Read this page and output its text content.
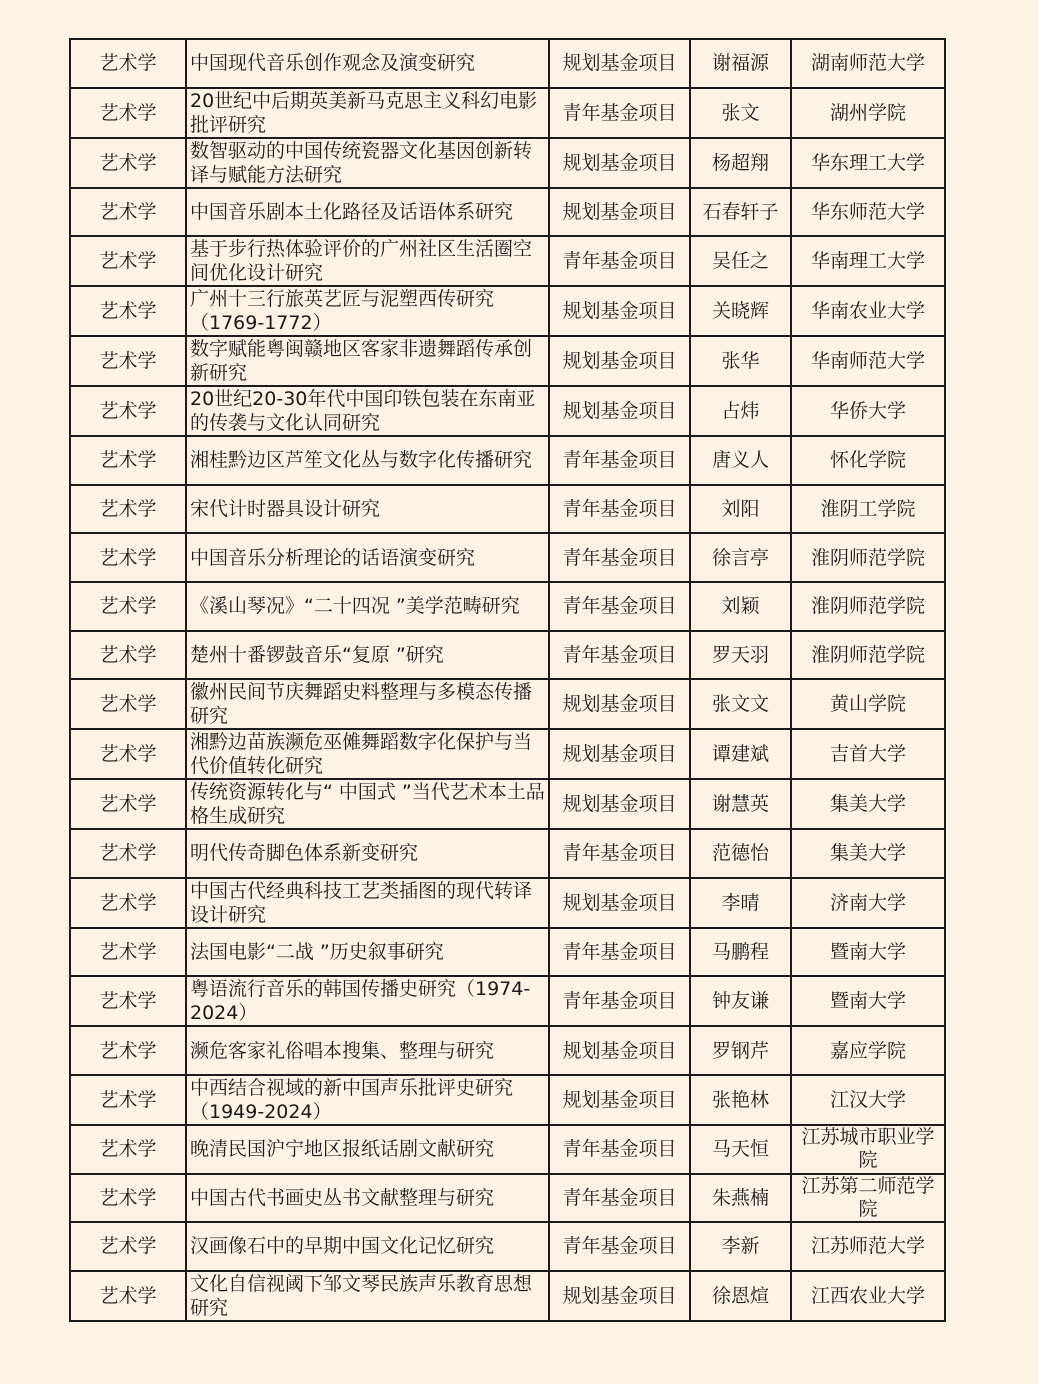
艺术学	中国现代音乐创作观念及演变研究	规划基金项目	谢福源	湖南师范大学
艺术学	20世纪中后期英美新马克思主义科幻电影批评研究	青年基金项目	张文	湖州学院
艺术学	数智驱动的中国传统瓷器文化基因创新转译与赋能方法研究	规划基金项目	杨超翔	华东理工大学
艺术学	中国音乐剧本土化路径及话语体系研究	规划基金项目	石春轩子	华东师范大学
艺术学	基于步行热体验评价的广州社区生活圈空间优化设计研究	青年基金项目	吴任之	华南理工大学
艺术学	广州十三行旅英艺匠与泥塑西传研究（1769-1772）	规划基金项目	关晓辉	华南农业大学
艺术学	数字赋能粤闽赣地区客家非遗舞蹈传承创新研究	规划基金项目	张华	华南师范大学
艺术学	20世纪20-30年代中国印铁包装在东南亚的传袭与文化认同研究	规划基金项目	占炜	华侨大学
艺术学	湘桂黔边区芦笙文化丛与数字化传播研究	青年基金项目	唐义人	怀化学院
艺术学	宋代计时器具设计研究	青年基金项目	刘阳	淮阴工学院
艺术学	中国音乐分析理论的话语演变研究	青年基金项目	徐言亭	淮阴师范学院
艺术学	《溪山琴况》“二十四况 ”美学范畴研究	青年基金项目	刘颖	淮阴师范学院
艺术学	楚州十番锣鼓音乐“复原 ”研究	青年基金项目	罗天羽	淮阴师范学院
艺术学	徽州民间节庆舞蹈史料整理与多模态传播研究	规划基金项目	张文文	黄山学院
艺术学	湘黔边苗族濒危巫傩舞蹈数字化保护与当代价值转化研究	规划基金项目	谭建斌	吉首大学
艺术学	传统资源转化与“ 中国式 ”当代艺术本土品格生成研究	规划基金项目	谢慧英	集美大学
艺术学	明代传奇脚色体系新变研究	青年基金项目	范德怡	集美大学
艺术学	中国古代经典科技工艺类插图的现代转译设计研究	规划基金项目	李晴	济南大学
艺术学	法国电影“二战 ”历史叙事研究	青年基金项目	马鹏程	暨南大学
艺术学	粤语流行音乐的韩国传播史研究（1974-2024）	青年基金项目	钟友谦	暨南大学
艺术学	濒危客家礼俗唱本搜集、整理与研究	规划基金项目	罗钢芹	嘉应学院
艺术学	中西结合视域的新中国声乐批评史研究（1949-2024）	规划基金项目	张艳林	江汉大学
艺术学	晚清民国沪宁地区报纸话剧文献研究	青年基金项目	马天恒	江苏城市职业学院
艺术学	中国古代书画史丛书文献整理与研究	青年基金项目	朱燕楠	江苏第二师范学院
艺术学	汉画像石中的早期中国文化记忆研究	青年基金项目	李新	江苏师范大学
艺术学	文化自信视阈下邹文琴民族声乐教育思想研究	规划基金项目	徐恩煊	江西农业大学
